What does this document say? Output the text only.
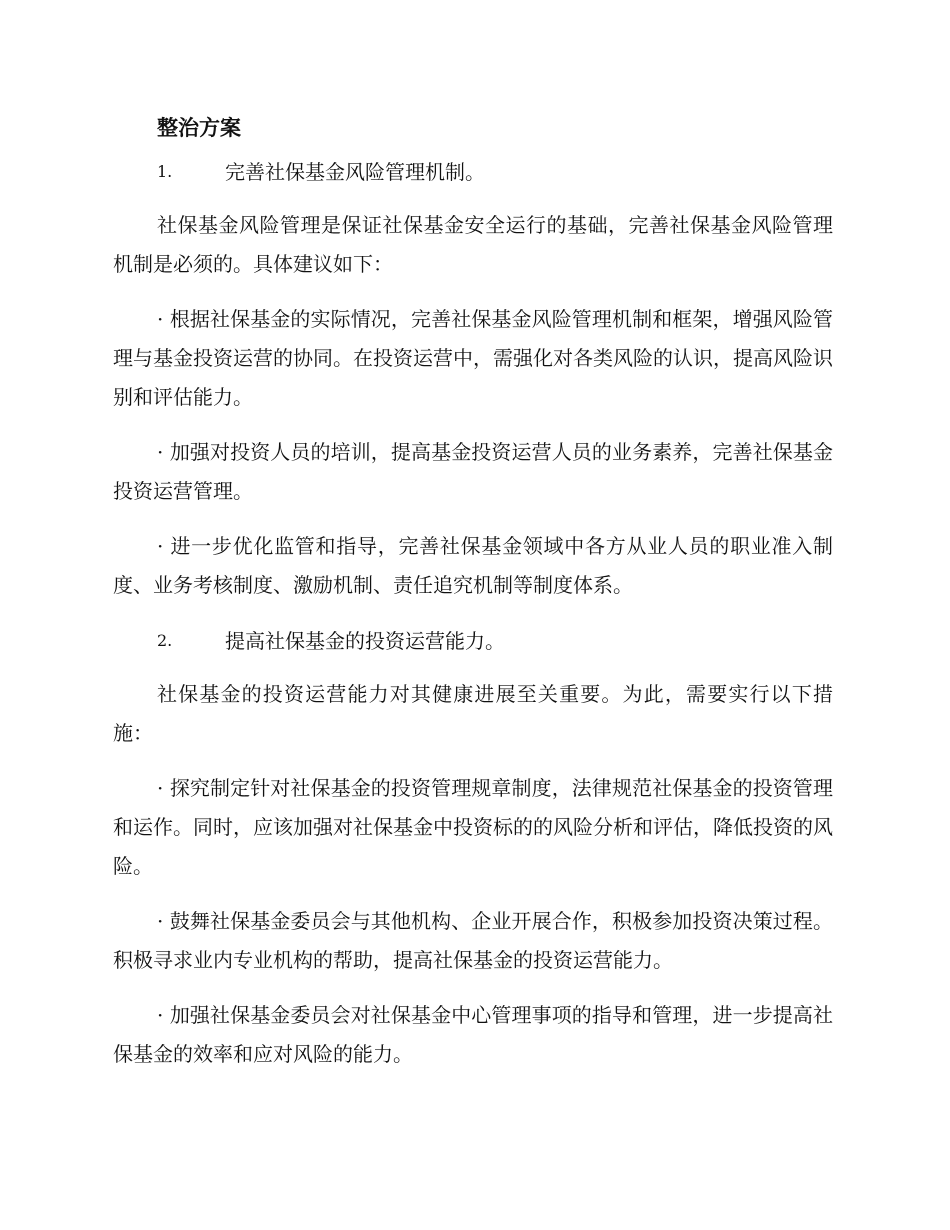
整治方案
1.	完善社保基金风险管理机制。

社保基金风险管理是保证社保基金安全运行的基础，完善社保基金风险管理机制是必须的。具体建议如下：

· 根据社保基金的实际情况，完善社保基金风险管理机制和框架，增强风险管理与基金投资运营的协同。在投资运营中，需强化对各类风险的认识，提高风险识别和评估能力。

· 加强对投资人员的培训，提高基金投资运营人员的业务素养，完善社保基金投资运营管理。

· 进一步优化监管和指导，完善社保基金领域中各方从业人员的职业准入制度、业务考核制度、激励机制、责任追究机制等制度体系。

2.	提高社保基金的投资运营能力。

社保基金的投资运营能力对其健康进展至关重要。为此，需要实行以下措施：

· 探究制定针对社保基金的投资管理规章制度，法律规范社保基金的投资管理和运作。同时，应该加强对社保基金中投资标的的风险分析和评估，降低投资的风险。

· 鼓舞社保基金委员会与其他机构、企业开展合作，积极参加投资决策过程。积极寻求业内专业机构的帮助，提高社保基金的投资运营能力。

· 加强社保基金委员会对社保基金中心管理事项的指导和管理，进一步提高社保基金的效率和应对风险的能力。
